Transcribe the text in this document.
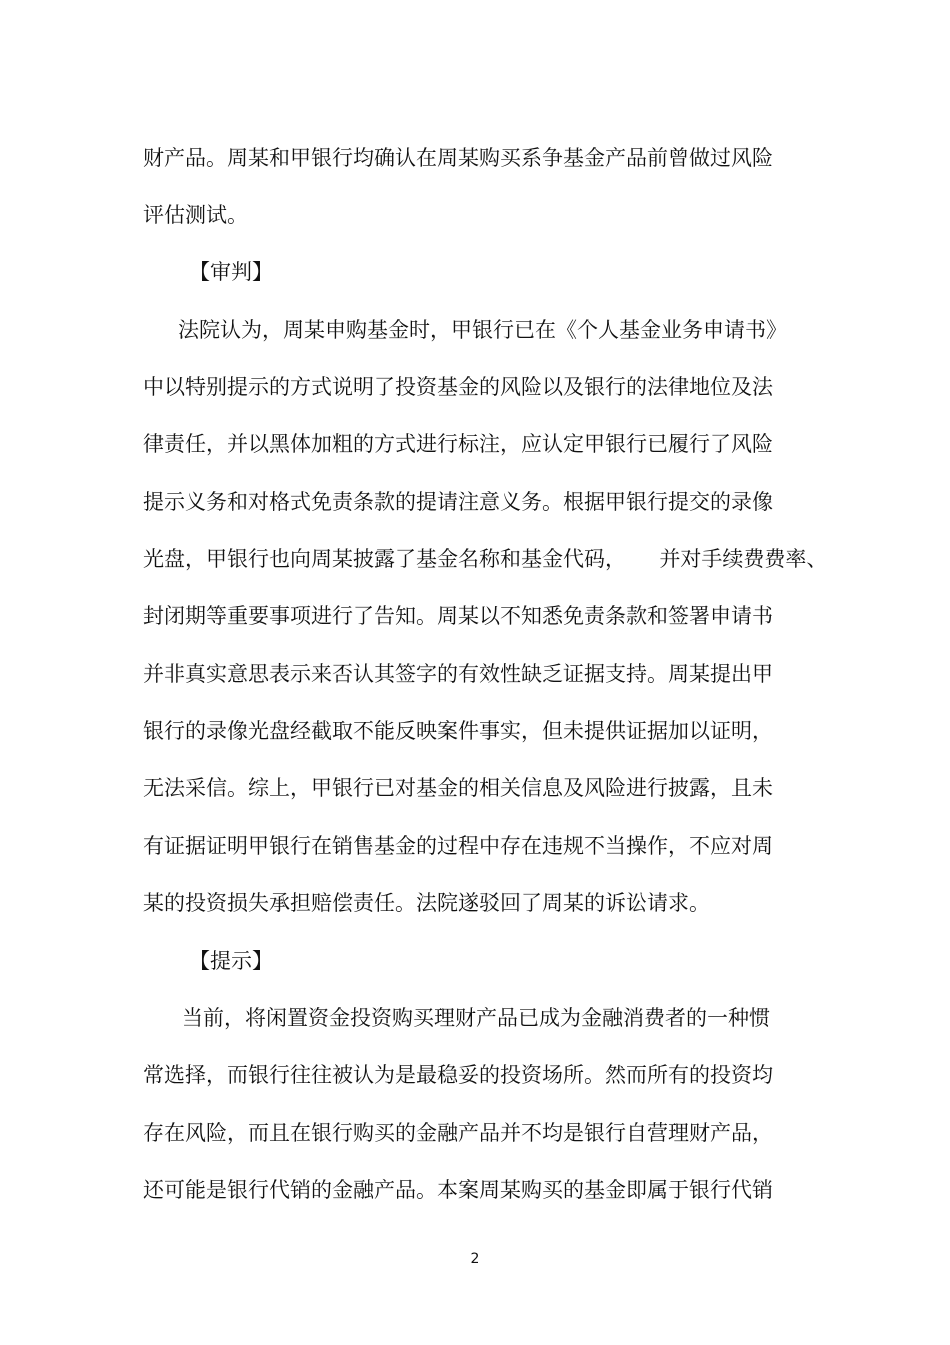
财产品。周某和甲银行均确认在周某购买系争基金产品前曾做过风险
评估测试。
【审判】
法院认为，周某申购基金时，甲银行已在《个人基金业务申请书》
中以特别提示的方式说明了投资基金的风险以及银行的法律地位及法
律责任，并以黑体加粗的方式进行标注，应认定甲银行已履行了风险
提示义务和对格式免责条款的提请注意义务。根据甲银行提交的录像
光盘，甲银行也向周某披露了基金名称和基金代码，     并对手续费费率、
封闭期等重要事项进行了告知。周某以不知悉免责条款和签署申请书
并非真实意思表示来否认其签字的有效性缺乏证据支持。周某提出甲
银行的录像光盘经截取不能反映案件事实，但未提供证据加以证明，
无法采信。综上，甲银行已对基金的相关信息及风险进行披露，且未
有证据证明甲银行在销售基金的过程中存在违规不当操作，不应对周
某的投资损失承担赔偿责任。法院遂驳回了周某的诉讼请求。
【提示】
当前，将闲置资金投资购买理财产品已成为金融消费者的一种惯
常选择，而银行往往被认为是最稳妥的投资场所。然而所有的投资均
存在风险，而且在银行购买的金融产品并不均是银行自营理财产品，
还可能是银行代销的金融产品。本案周某购买的基金即属于银行代销
2
